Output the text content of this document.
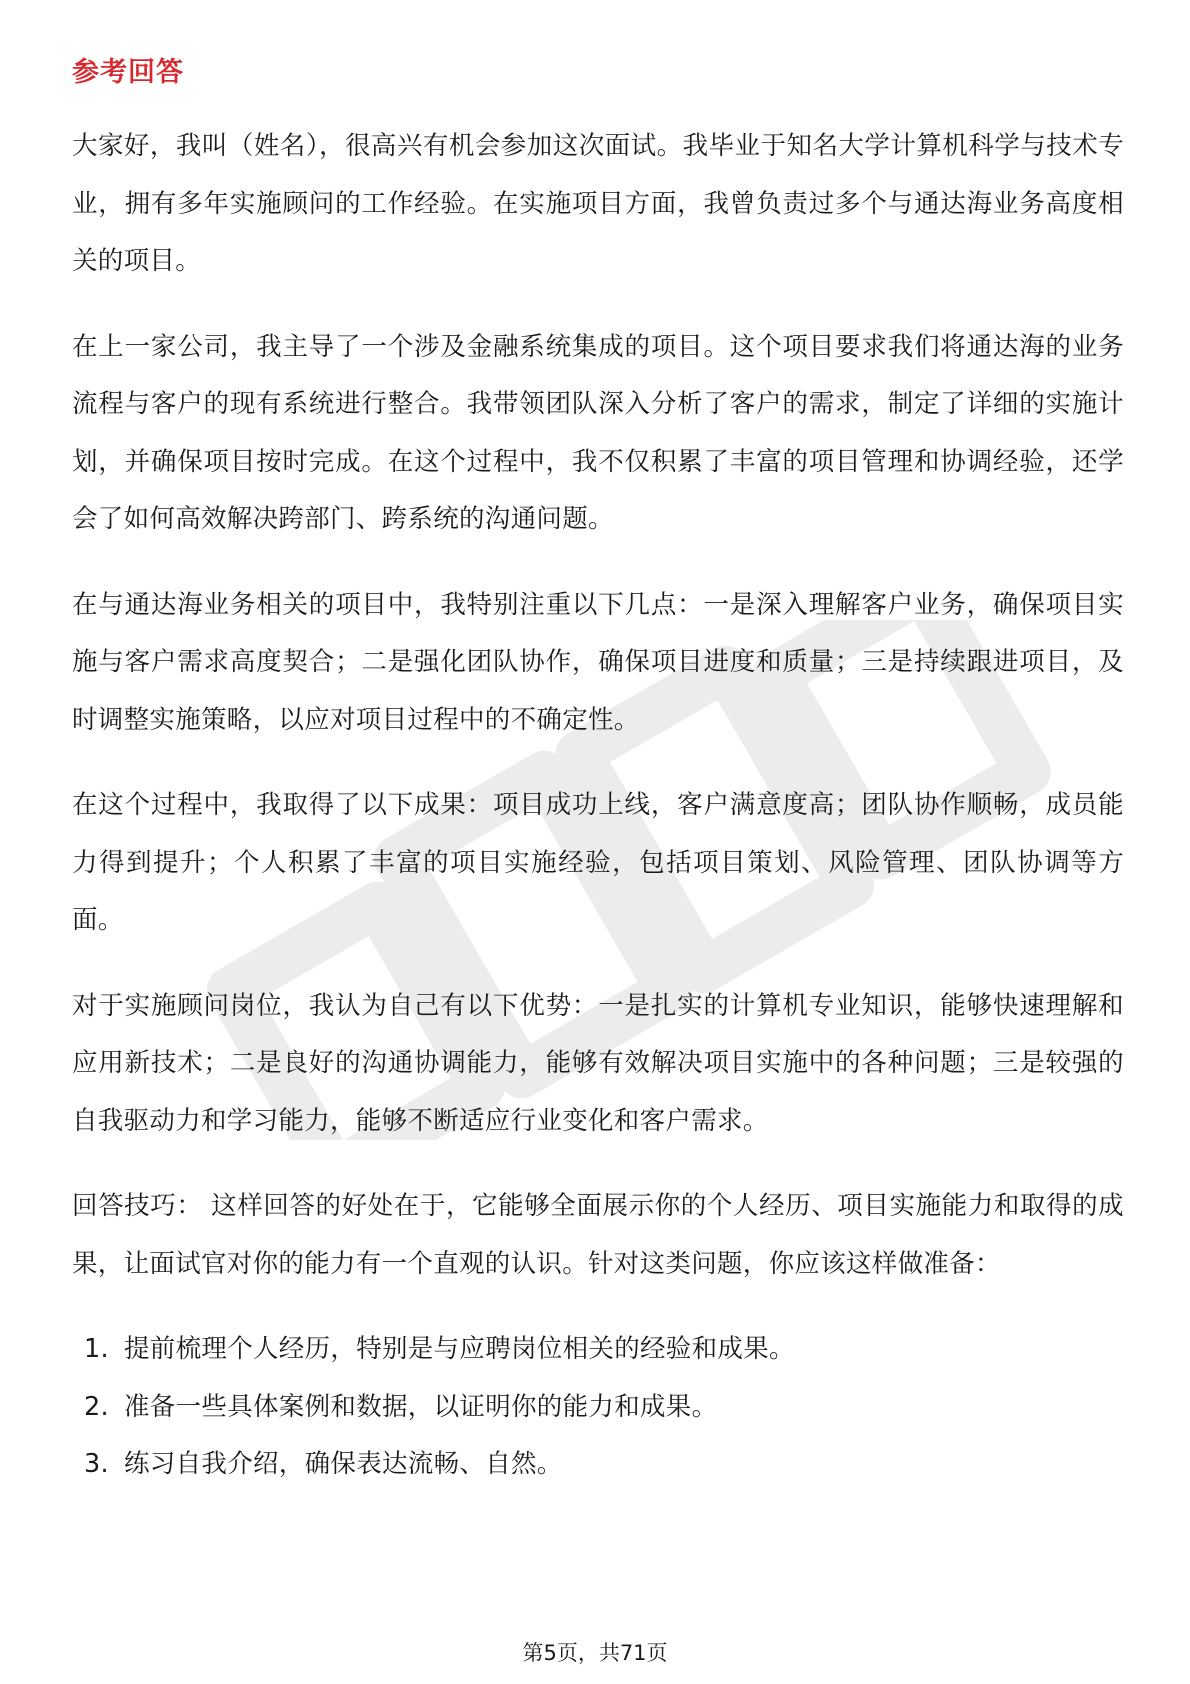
参考回答

大家好，我叫（姓名），很高兴有机会参加这次面试。我毕业于知名大学计算机科学与技术专业，拥有多年实施顾问的工作经验。在实施项目方面，我曾负责过多个与通达海业务高度相关的项目。

在上一家公司，我主导了一个涉及金融系统集成的项目。这个项目要求我们将通达海的业务流程与客户的现有系统进行整合。我带领团队深入分析了客户的需求，制定了详细的实施计划，并确保项目按时完成。在这个过程中，我不仅积累了丰富的项目管理和协调经验，还学会了如何高效解决跨部门、跨系统的沟通问题。

在与通达海业务相关的项目中，我特别注重以下几点：一是深入理解客户业务，确保项目实施与客户需求高度契合；二是强化团队协作，确保项目进度和质量；三是持续跟进项目，及时调整实施策略，以应对项目过程中的不确定性。

在这个过程中，我取得了以下成果：项目成功上线，客户满意度高；团队协作顺畅，成员能力得到提升；个人积累了丰富的项目实施经验，包括项目策划、风险管理、团队协调等方面。

对于实施顾问岗位，我认为自己有以下优势：一是扎实的计算机专业知识，能够快速理解和应用新技术；二是良好的沟通协调能力，能够有效解决项目实施中的各种问题；三是较强的自我驱动力和学习能力，能够不断适应行业变化和客户需求。

回答技巧： 这样回答的好处在于，它能够全面展示你的个人经历、项目实施能力和取得的成果，让面试官对你的能力有一个直观的认识。针对这类问题，你应该这样做准备：

1. 提前梳理个人经历，特别是与应聘岗位相关的经验和成果。
2. 准备一些具体案例和数据，以证明你的能力和成果。
3. 练习自我介绍，确保表达流畅、自然。
第5页，共71页
